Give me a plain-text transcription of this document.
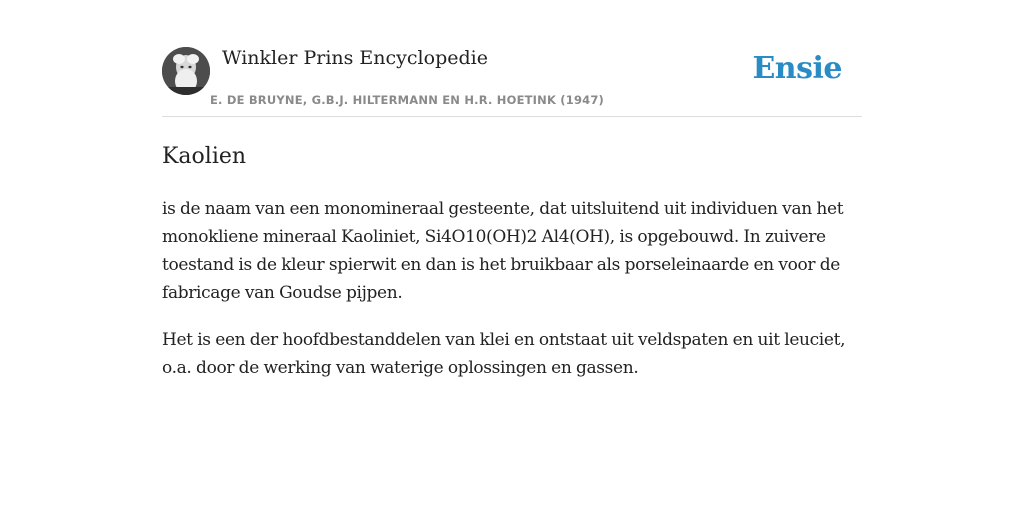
Winkler Prins Encyclopedie
E. DE BRUYNE, G.B.J. HILTERMANN EN H.R. HOETINK (1947)
Ensie
Kaolien

is de naam van een monomineraal gesteente, dat uitsluitend uit individuen van het monokliene mineraal Kaoliniet, Si4O10(OH)2 Al4(OH), is opgebouwd. In zuivere toestand is de kleur spierwit en dan is het bruikbaar als porseleinaarde en voor de fabricage van Goudse pijpen.

Het is een der hoofdbestanddelen van klei en ontstaat uit veldspaten en uit leuciet, o.a. door de werking van waterige oplossingen en gassen.
